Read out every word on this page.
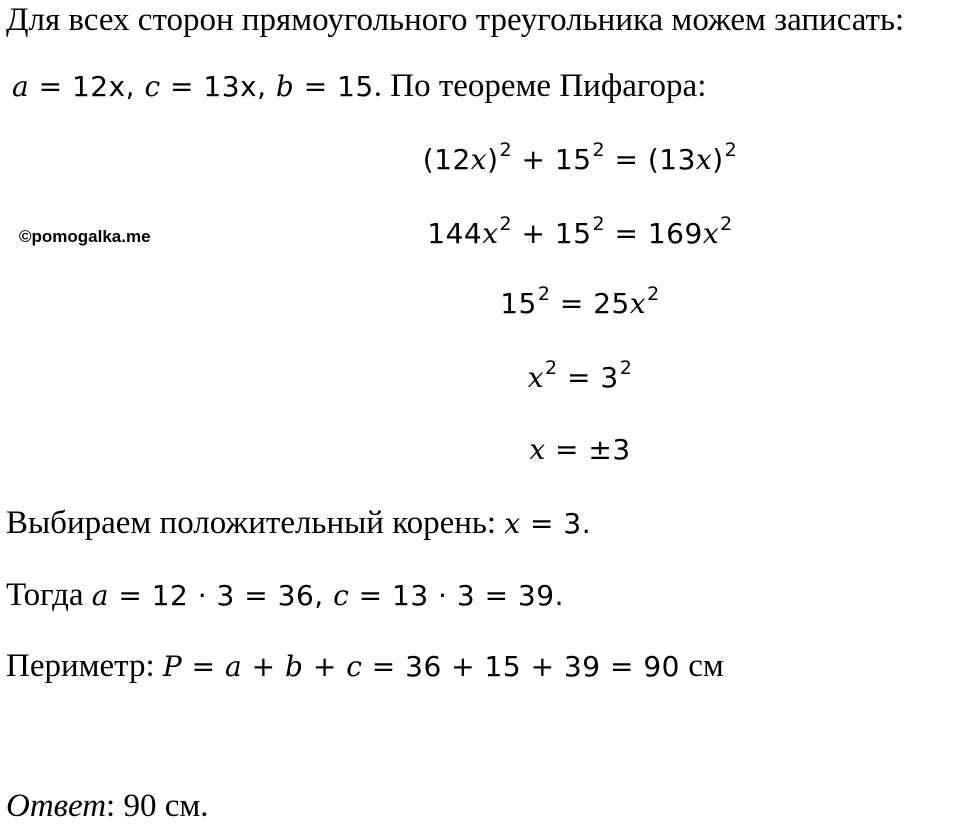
Для всех сторон прямоугольного треугольника можем записать:
a = 12x, c = 13x, b = 15. По теореме Пифагора:
$(12x)^2 + 15^2 = (13x)^2$
$144x^2 + 15^2 = 169x^2$
$15^2 = 25x^2$
$x^2 = 3^2$
x = ±3
©pomogalka.me
Выбираем положительный корень: x = 3.
Тогда a = 12 · 3 = 36, c = 13 · 3 = 39.
Периметр: P = a + b + c = 36 + 15 + 39 = 90 см
Ответ: 90 см.
